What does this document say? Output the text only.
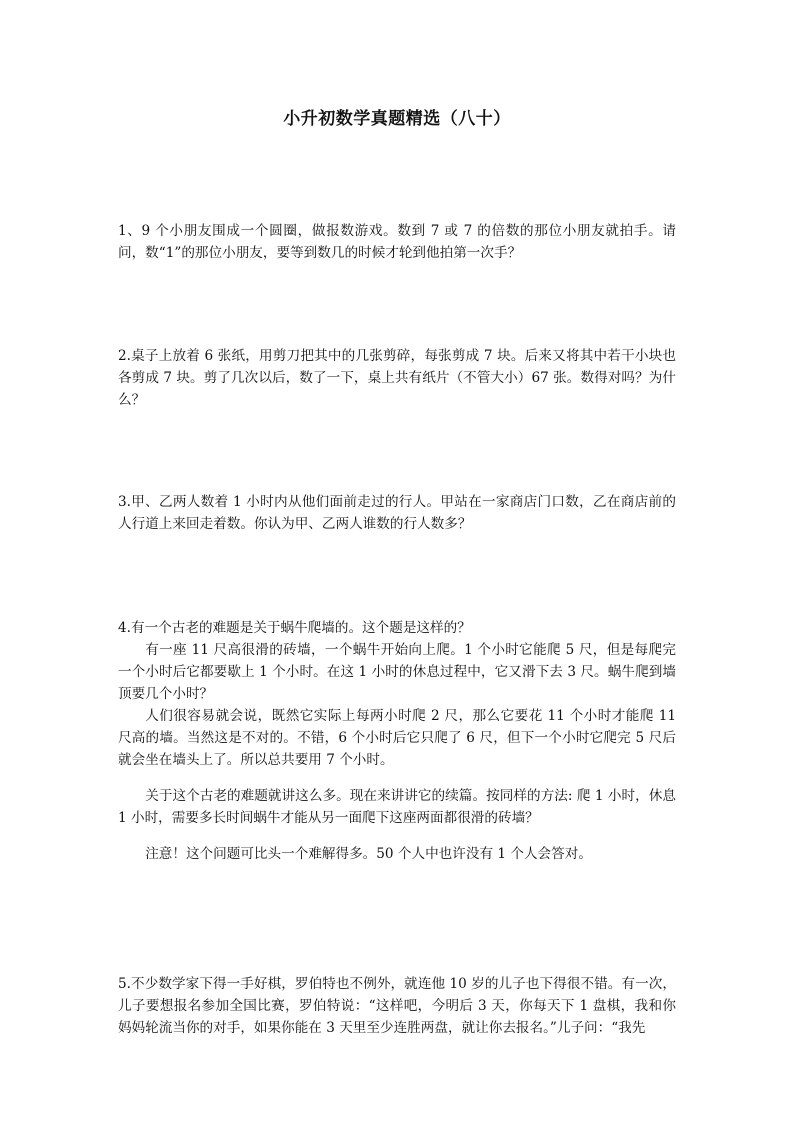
小升初数学真题精选（八十）

1、9 个小朋友围成一个圆圈，做报数游戏。数到 7 或 7 的倍数的那位小朋友就拍手。请问，数“1”的那位小朋友，要等到数几的时候才轮到他拍第一次手？

2.桌子上放着 6 张纸，用剪刀把其中的几张剪碎，每张剪成 7 块。后来又将其中若干小块也各剪成 7 块。剪了几次以后，数了一下，桌上共有纸片（不管大小）67 张。数得对吗？为什么？

3.甲、乙两人数着 1 小时内从他们面前走过的行人。甲站在一家商店门口数，乙在商店前的人行道上来回走着数。你认为甲、乙两人谁数的行人数多？

4.有一个古老的难题是关于蜗牛爬墙的。这个题是这样的？

有一座 11 尺高很滑的砖墙，一个蜗牛开始向上爬。1 个小时它能爬 5 尺，但是每爬完一个小时后它都要歇上 1 个小时。在这 1 小时的休息过程中，它又滑下去 3 尺。蜗牛爬到墙顶要几个小时？

人们很容易就会说，既然它实际上每两小时爬 2 尺，那么它要花 11 个小时才能爬 11 尺高的墙。当然这是不对的。不错，6 个小时后它只爬了 6 尺，但下一个小时它爬完 5 尺后就会坐在墙头上了。所以总共要用 7 个小时。

关于这个古老的难题就讲这么多。现在来讲讲它的续篇。按同样的方法: 爬 1 小时，休息 1 小时，需要多长时间蜗牛才能从另一面爬下这座两面都很滑的砖墙？

注意！这个问题可比头一个难解得多。50 个人中也许没有 1 个人会答对。

5.不少数学家下得一手好棋，罗伯特也不例外，就连他 10 岁的儿子也下得很不错。有一次，儿子要想报名参加全国比赛，罗伯特说：“这样吧，今明后 3 天，你每天下 1 盘棋，我和你妈妈轮流当你的对手，如果你能在 3 天里至少连胜两盘，就让你去报名。”儿子问：“我先
